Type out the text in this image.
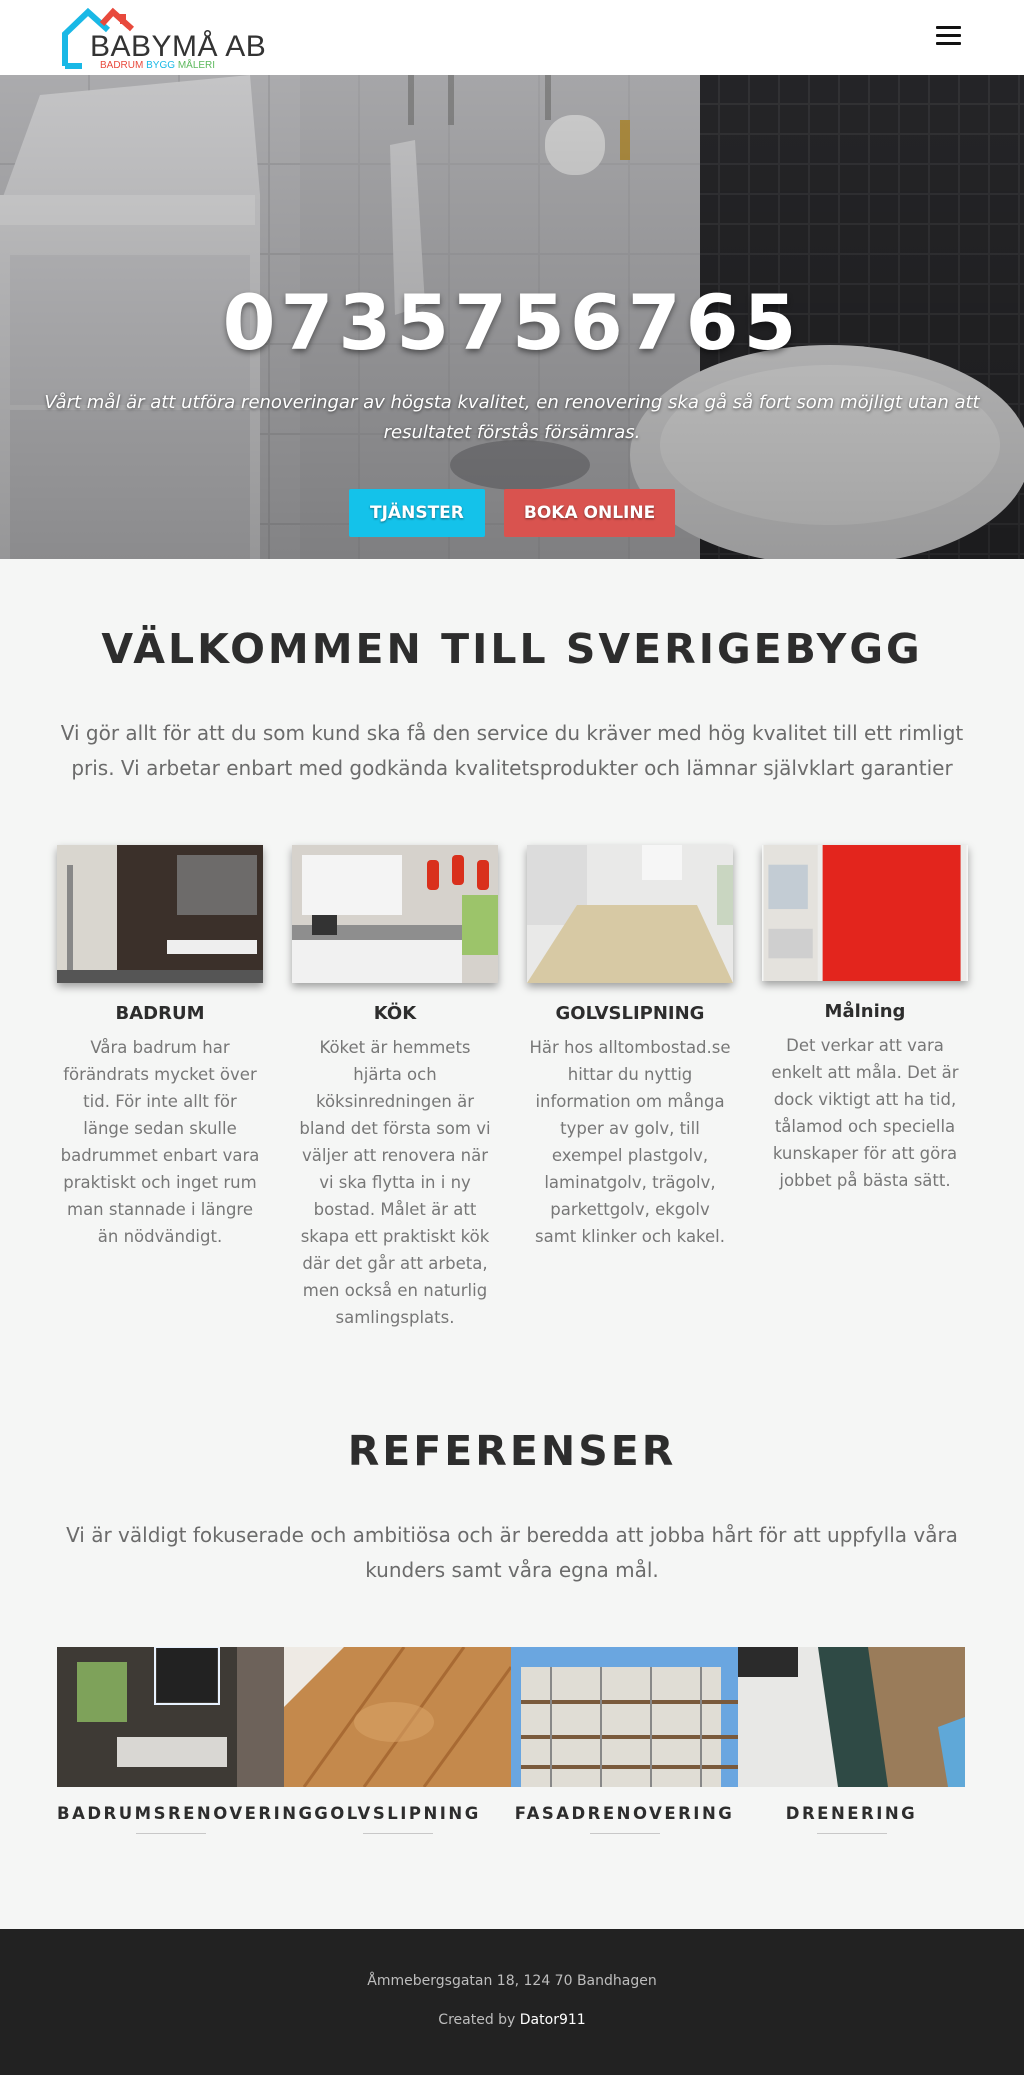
BABYMÅ AB
BADRUM BYGG MÅLERI
0735756765
Vårt mål är att utföra renoveringar av högsta kvalitet, en renovering ska gå så fort som möjligt utan att resultatet förstås försämras.
TJÄNSTER	BOKA ONLINE
VÄLKOMMEN TILL SVERIGEBYGG
Vi gör allt för att du som kund ska få den service du kräver med hög kvalitet till ett rimligt pris. Vi arbetar enbart med godkända kvalitetsprodukter och lämnar självklart garantier
BADRUM
Våra badrum har förändrats mycket över tid. För inte allt för länge sedan skulle badrummet enbart vara praktiskt och inget rum man stannade i längre än nödvändigt.
KÖK
Köket är hemmets hjärta och köksinredningen är bland det första som vi väljer att renovera när vi ska flytta in i ny bostad. Målet är att skapa ett praktiskt kök där det går att arbeta, men också en naturlig samlingsplats.
GOLVSLIPNING
Här hos alltombostad.se hittar du nyttig information om många typer av golv, till exempel plastgolv, laminatgolv, trägolv, parkettgolv, ekgolv samt klinker och kakel.
Målning
Det verkar att vara enkelt att måla. Det är dock viktigt att ha tid, tålamod och speciella kunskaper för att göra jobbet på bästa sätt.
REFERENSER
Vi är väldigt fokuserade och ambitiösa och är beredda att jobba hårt för att uppfylla våra kunders samt våra egna mål.
BADRUMSRENOVERING GOLVSLIPNING	FASADRENOVERING	DRENERING
Åmmebergsgatan 18, 124 70 Bandhagen
Created by Dator911
